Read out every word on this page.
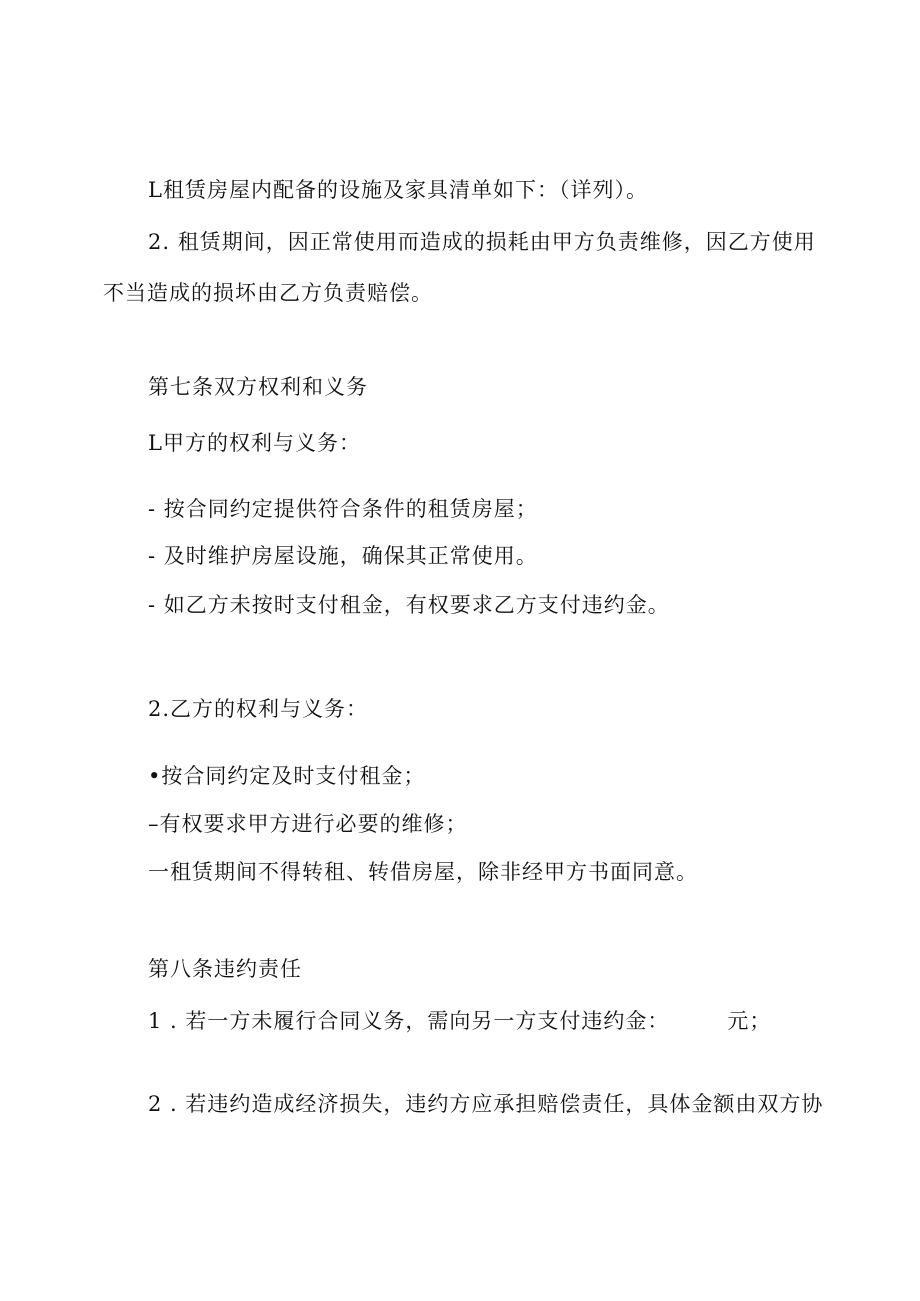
L租赁房屋内配备的设施及家具清单如下：（详列）。
2. 租赁期间，因正常使用而造成的损耗由甲方负责维修，因乙方使用
不当造成的损坏由乙方负责赔偿。
第七条双方权利和义务
L甲方的权利与义务：
- 按合同约定提供符合条件的租赁房屋；
- 及时维护房屋设施，确保其正常使用。
- 如乙方未按时支付租金，有权要求乙方支付违约金。
2.乙方的权利与义务：
•按合同约定及时支付租金；
–有权要求甲方进行必要的维修；
一租赁期间不得转租、转借房屋，除非经甲方书面同意。
第八条违约责任
1 . 若一方未履行合同义务，需向另一方支付违约金：	元；
2 . 若违约造成经济损失，违约方应承担赔偿责任，具体金额由双方协
